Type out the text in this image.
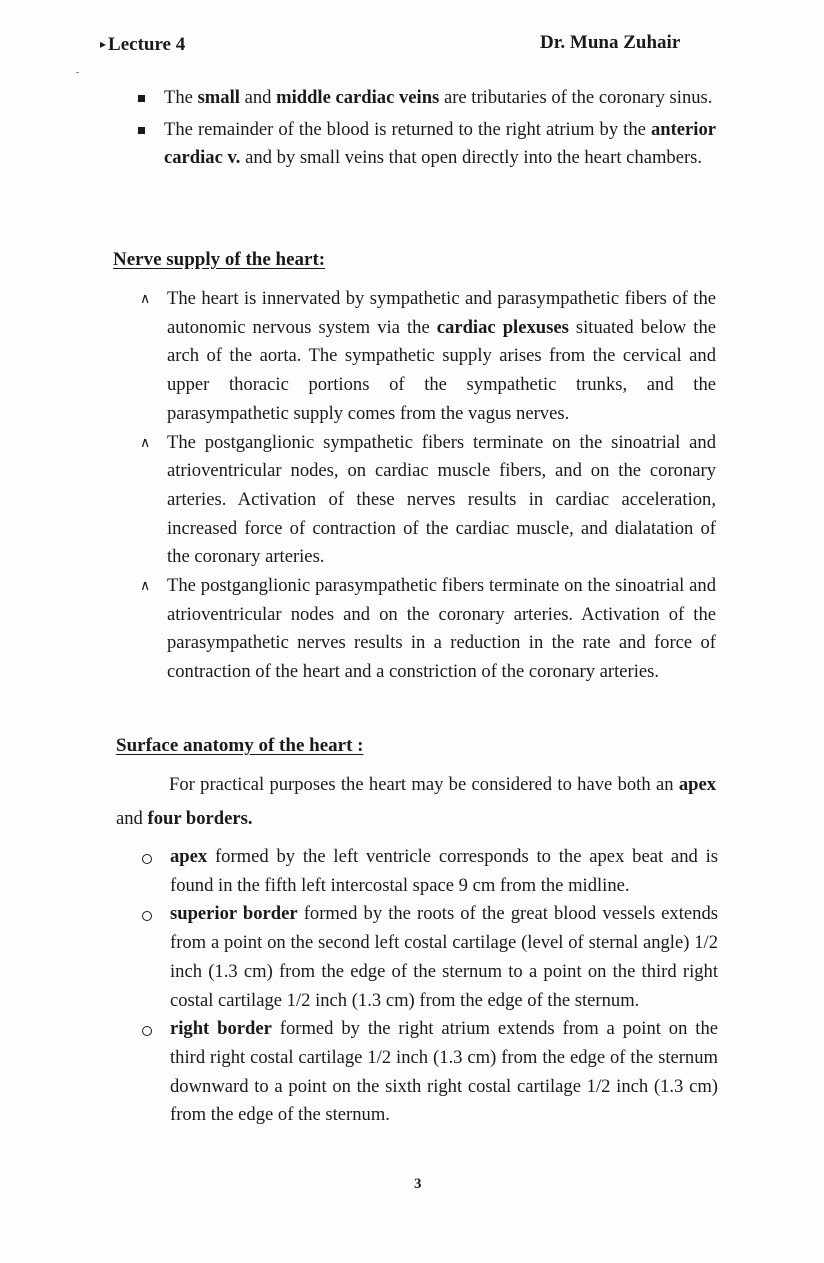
▸ Lecture 4	Dr. Muna Zuhair
The small and middle cardiac veins are tributaries of the coronary sinus.
The remainder of the blood is returned to the right atrium by the anterior cardiac v. and by small veins that open directly into the heart chambers.
Nerve supply of the heart:
∧ The heart is innervated by sympathetic and parasympathetic fibers of the autonomic nervous system via the cardiac plexuses situated below the arch of the aorta. The sympathetic supply arises from the cervical and upper thoracic portions of the sympathetic trunks, and the parasympathetic supply comes from the vagus nerves.
∧ The postganglionic sympathetic fibers terminate on the sinoatrial and atrioventricular nodes, on cardiac muscle fibers, and on the coronary arteries. Activation of these nerves results in cardiac acceleration, increased force of contraction of the cardiac muscle, and dialatation of the coronary arteries.
∧ The postganglionic parasympathetic fibers terminate on the sinoatrial and atrioventricular nodes and on the coronary arteries. Activation of the parasympathetic nerves results in a reduction in the rate and force of contraction of the heart and a constriction of the coronary arteries.
Surface anatomy of the heart :
For practical purposes the heart may be considered to have both an apex and four borders.
apex formed by the left ventricle corresponds to the apex beat and is found in the fifth left intercostal space 9 cm from the midline.
superior border formed by the roots of the great blood vessels extends from a point on the second left costal cartilage (level of sternal angle) 1/2 inch (1.3 cm) from the edge of the sternum to a point on the third right costal cartilage 1/2 inch (1.3 cm) from the edge of the sternum.
right border formed by the right atrium extends from a point on the third right costal cartilage 1/2 inch (1.3 cm) from the edge of the sternum downward to a point on the sixth right costal cartilage 1/2 inch (1.3 cm) from the edge of the sternum.
3
